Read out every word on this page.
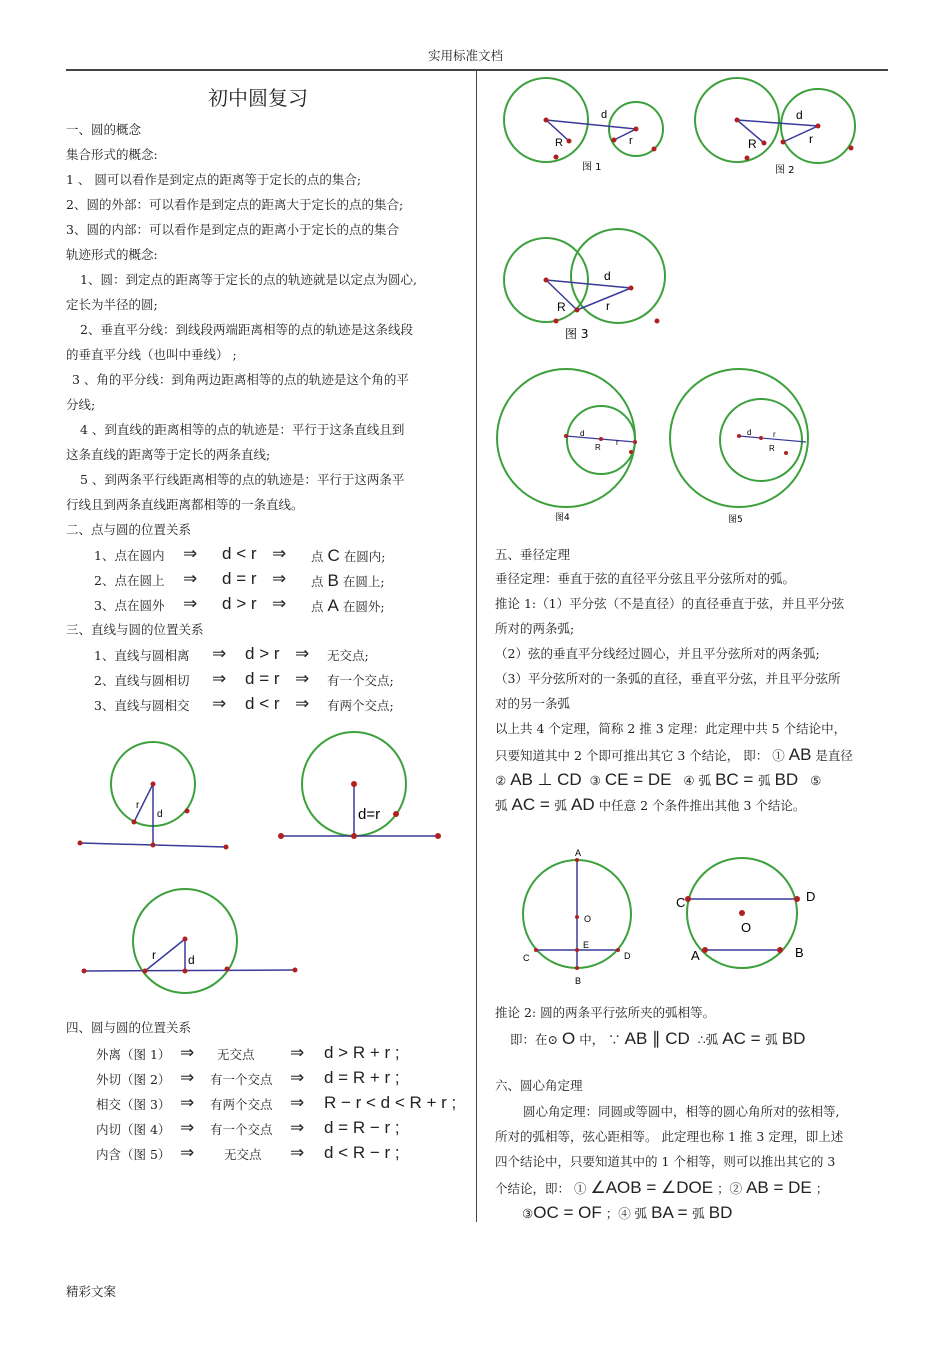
实用标准文档
精彩文案
初中圆复习
一、圆的概念
集合形式的概念:
1 、 圆可以看作是到定点的距离等于定长的点的集合;
2、圆的外部：可以看作是到定点的距离大于定长的点的集合;
3、圆的内部：可以看作是到定点的距离小于定长的点的集合
轨迹形式的概念:
1、圆：到定点的距离等于定长的点的轨迹就是以定点为圆心,
定长为半径的圆;
2、垂直平分线：到线段两端距离相等的点的轨迹是这条线段
的垂直平分线（也叫中垂线） ;
3 、角的平分线：到角两边距离相等的点的轨迹是这个角的平
分线;
4 、到直线的距离相等的点的轨迹是：平行于这条直线且到
这条直线的距离等于定长的两条直线;
5 、到两条平行线距离相等的点的轨迹是：平行于这两条平
行线且到两条直线距离都相等的一条直线。
二、点与圆的位置关系
1、点在圆内 ⇒ d < r ⇒ 点 C 在圆内;
2、点在圆上 ⇒ d = r ⇒ 点 B 在圆上;
3、点在圆外 ⇒ d > r ⇒ 点 A 在圆外;
三、直线与圆的位置关系
1、直线与圆相离 ⇒ d > r ⇒ 无交点;
2、直线与圆相切 ⇒ d = r ⇒ 有一个交点;
3、直线与圆相交 ⇒ d < r ⇒ 有两个交点;
r
d	d=r
r	d
四、圆与圆的位置关系
外离（图 1） ⇒ 无交点 ⇒ d > R + r ;
外切（图 2） ⇒ 有一个交点 ⇒ d = R + r ;
相交（图 3） ⇒ 有两个交点 ⇒ R − r < d < R + r ;
内切（图 4） ⇒ 有一个交点 ⇒ d = R − r ;
内含（图 5） ⇒ 无交点 ⇒ d < R − r ;
R
d
r
图 1
R
d
r
图 2
R
d
r
图 3
d
r
R
图4
d	r
R
图5
五、垂径定理
垂径定理：垂直于弦的直径平分弦且平分弦所对的弧。
推论 1:（1）平分弦（不是直径）的直径垂直于弦，并且平分弦
所对的两条弧;
（2）弦的垂直平分线经过圆心，并且平分弦所对的两条弧;
（3）平分弦所对的一条弧的直径，垂直平分弦，并且平分弦所
对的另一条弧
以上共 4 个定理，简称 2 推 3 定理：此定理中共 5 个结论中，
只要知道其中 2 个即可推出其它 3 个结论， 即： ① AB 是直径
② AB ⊥ CD ③ CE = DE ④ 弧 BC = 弧 BD ⑤
弧 AC = 弧 AD 中任意 2 个条件推出其他 3 个结论。
A
O
E
C	D
B
C	D
O
A	B
推论 2: 圆的两条平行弦所夹的弧相等。
即：在⊙ O 中， ∵ AB ∥ CD ∴弧 AC = 弧 BD
六、圆心角定理
圆心角定理：同圆或等圆中，相等的圆心角所对的弦相等,
所对的弧相等，弦心距相等。 此定理也称 1 推 3 定理，即上述
四个结论中，只要知道其中的 1 个相等，则可以推出其它的 3
个结论，即： ① ∠AOB = ∠DOE ；② AB = DE ；
③OC = OF ；④ 弧 BA = 弧 BD
